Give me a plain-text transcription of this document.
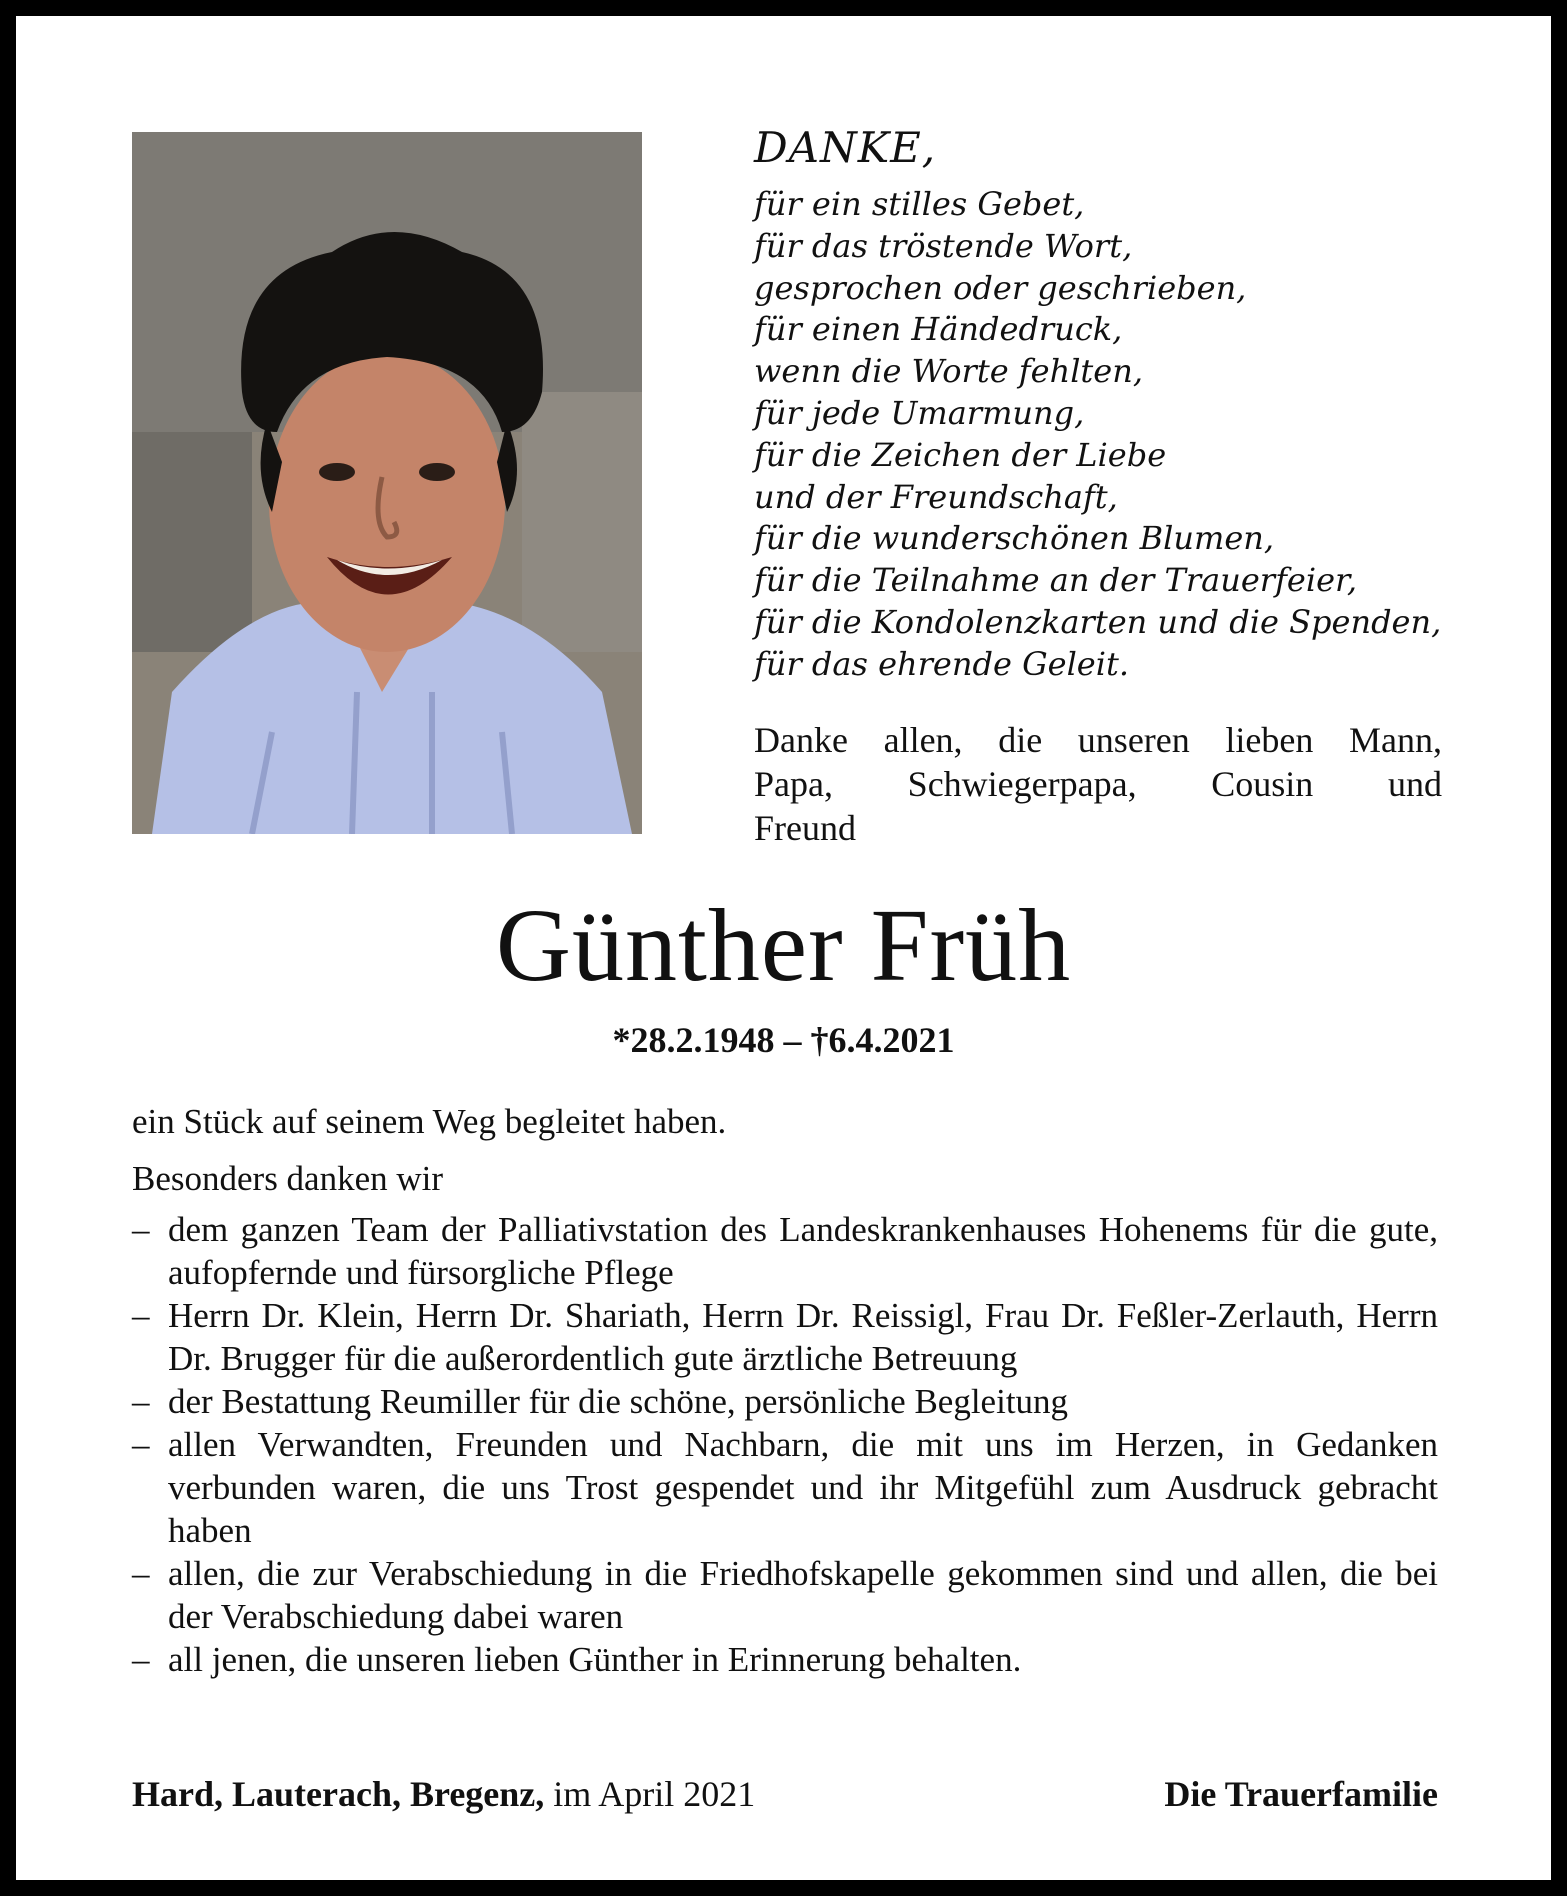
DANKE,
für ein stilles Gebet,
für das tröstende Wort,
gesprochen oder geschrieben,
für einen Händedruck,
wenn die Worte fehlten,
für jede Umarmung,
für die Zeichen der Liebe
und der Freundschaft,
für die wunderschönen Blumen,
für die Teilnahme an der Trauerfeier,
für die Kondolenzkarten und die Spenden,
für das ehrende Geleit.
Danke allen, die unseren lieben Mann,
Papa, Schwiegerpapa, Cousin und
Freund
Günther Früh
*28.2.1948 – †6.4.2021
ein Stück auf seinem Weg begleitet haben.
Besonders danken wir
– dem ganzen Team der Palliativstation des Landeskrankenhauses Hohenems für die gute, aufopfernde und fürsorgliche Pflege
– Herrn Dr. Klein, Herrn Dr. Shariath, Herrn Dr. Reissigl, Frau Dr. Feßler-Zerlauth, Herrn Dr. Brugger für die außerordentlich gute ärztliche Betreuung
– der Bestattung Reumiller für die schöne, persönliche Begleitung
– allen Verwandten, Freunden und Nachbarn, die mit uns im Herzen, in Gedanken verbunden waren, die uns Trost gespendet und ihr Mitgefühl zum Ausdruck gebracht haben
– allen, die zur Verabschiedung in die Friedhofskapelle gekommen sind und allen, die bei der Verabschiedung dabei waren
– all jenen, die unseren lieben Günther in Erinnerung behalten.
Hard, Lauterach, Bregenz, im April 2021	Die Trauerfamilie
